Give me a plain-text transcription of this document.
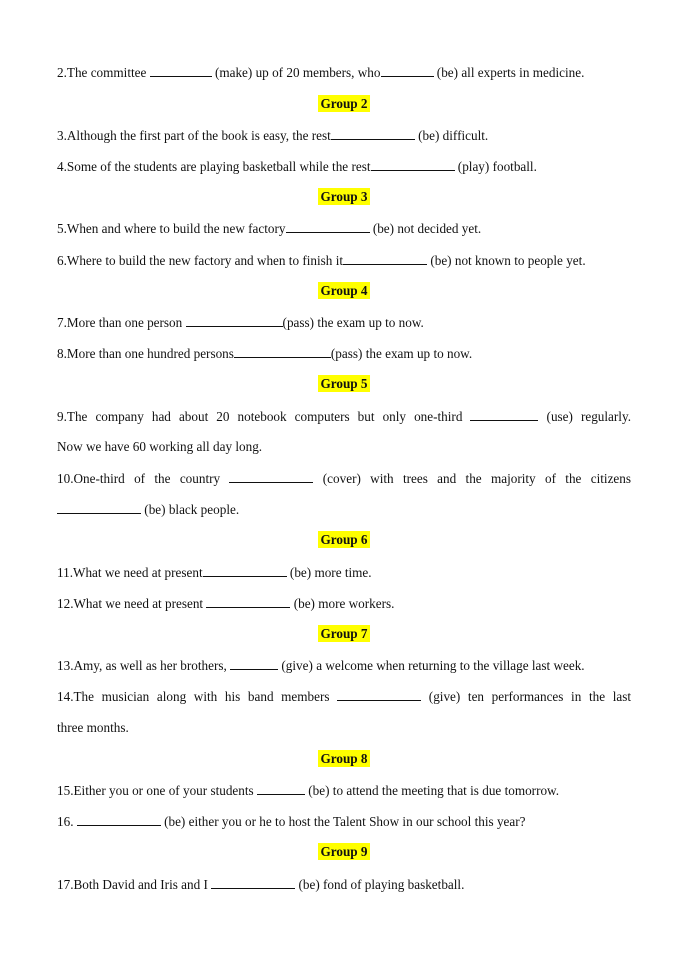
2.The committee	(make) up of 20 members, who	(be) all experts in medicine.
Group 2
3.Although the first part of the book is easy, the rest	(be) difficult.
4.Some of the students are playing basketball while the rest	(play) football.
Group 3
5.When and where to build the new factory	(be) not decided yet.
6.Where to build the new factory and when to finish it	(be) not known to people yet.
Group 4
7.More than one person	(pass) the exam up to now.
8.More than one hundred persons	(pass) the exam up to now.
Group 5
9.The company had about 20 notebook computers but only one-third	(use) regularly.
Now we have 60 working all day long.
10.One-third of the country	(cover) with trees and the majority of the citizens
(be) black people.
Group 6
11.What we need at present	(be) more time.
12.What we need at present	(be) more workers.
Group 7
13.Amy, as well as her brothers,	(give) a welcome when returning to the village last week.
14.The musician along with his band members	(give) ten performances in the last
three months.
Group 8
15.Either you or one of your students	(be) to attend the meeting that is due tomorrow.
16.	(be) either you or he to host the Talent Show in our school this year?
Group 9
17.Both David and Iris and I	(be) fond of playing basketball.
